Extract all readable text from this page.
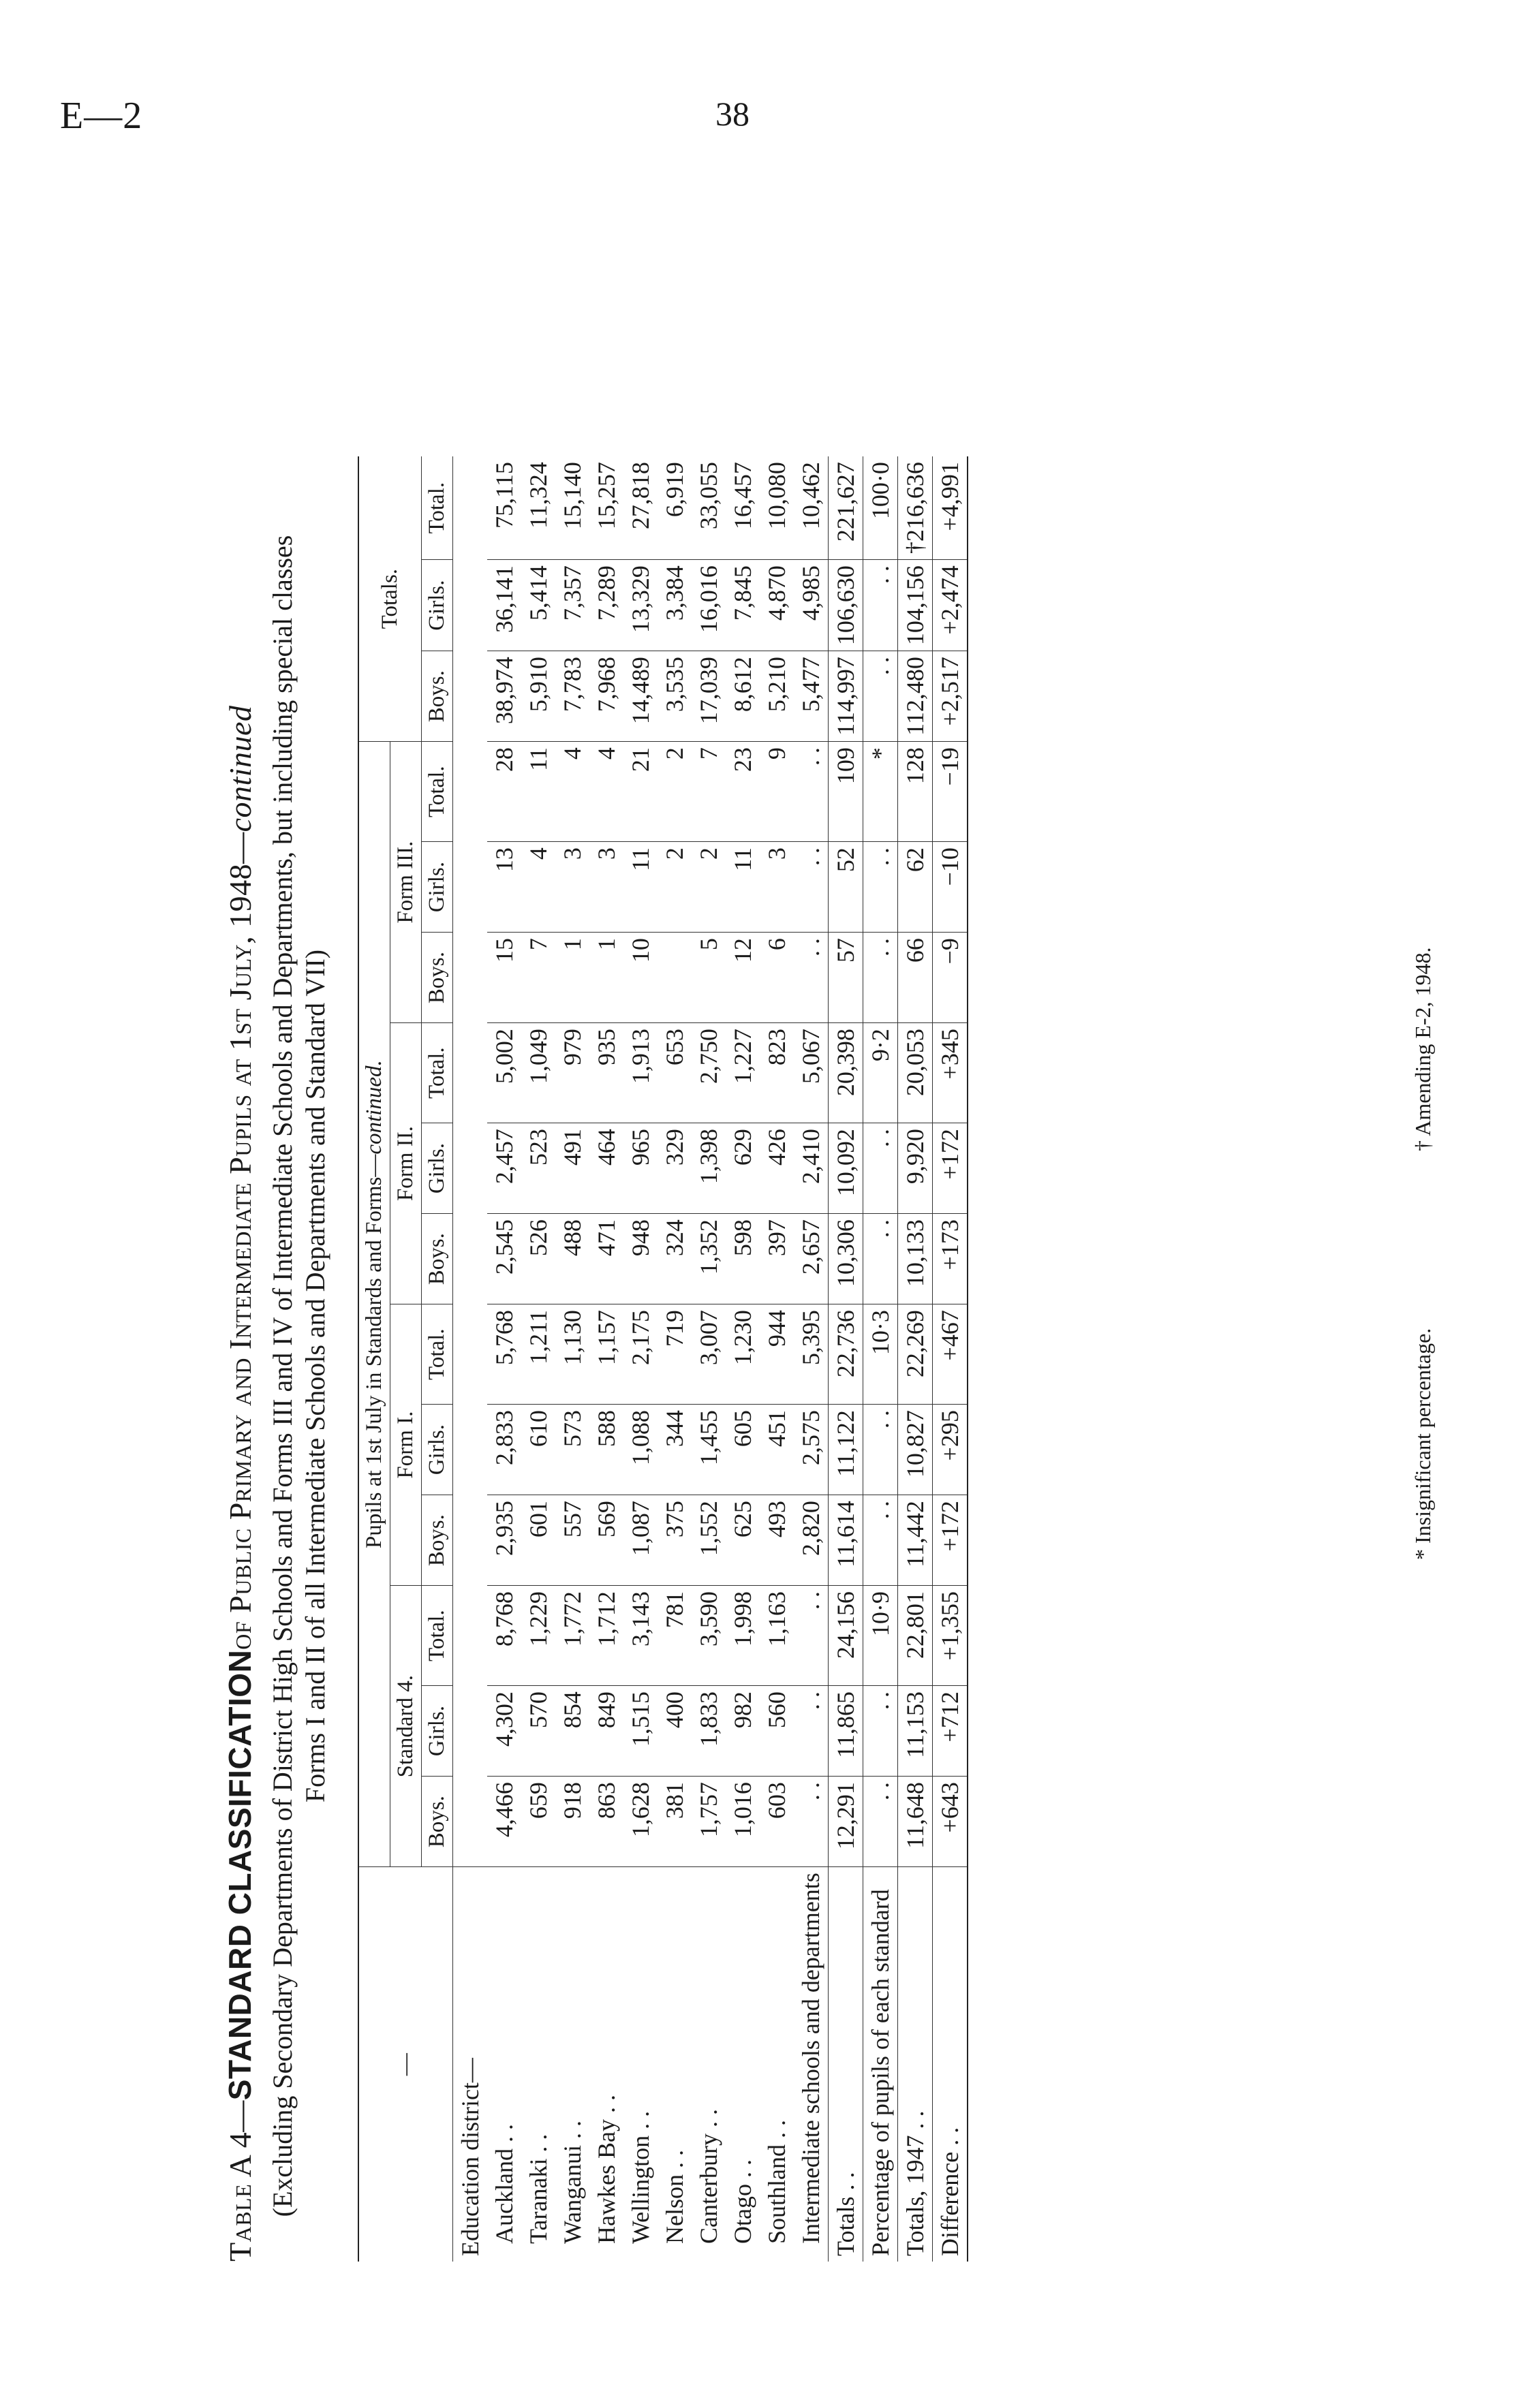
E—2	38
Table A 4—STANDARD CLASSIFICATIONof Public Primary and Intermediate Pupils at 1st July, 1948—continued (Excluding Secondary Departments of District High Schools and Forms III and IV of Intermediate Schools and Departments, but including special classes Forms I and II of all Intermediate Schools and Departments and Standard VII)
—	Pupils at 1st July in Standards and Forms—continued.												Totals.		
	Standard 4.			Form I.			Form II.			Form III.					
	Boys.	Girls.	Total.	Boys.	Girls.	Total.	Boys.	Girls.	Total.	Boys.	Girls.	Total.	Boys.	Girls.	Total.
Education district—															
Auckland . .	4,466	4,302	8,768	2,935	2,833	5,768	2,545	2,457	5,002	15	13	28	38,974	36,141	75,115
Taranaki . .	659	570	1,229	601	610	1,211	526	523	1,049	7	4	11	5,910	5,414	11,324
Wanganui . .	918	854	1,772	557	573	1,130	488	491	979	1	3	4	7,783	7,357	15,140
Hawkes Bay . .	863	849	1,712	569	588	1,157	471	464	935	1	3	4	7,968	7,289	15,257
Wellington . .	1,628	1,515	3,143	1,087	1,088	2,175	948	965	1,913	10	11	21	14,489	13,329	27,818
Nelson . .	381	400	781	375	344	719	324	329	653		2	2	3,535	3,384	6,919
Canterbury . .	1,757	1,833	3,590	1,552	1,455	3,007	1,352	1,398	2,750	5	2	7	17,039	16,016	33,055
Otago . .	1,016	982	1,998	625	605	1,230	598	629	1,227	12	11	23	8,612	7,845	16,457
Southland . .	603	560	1,163	493	451	944	397	426	823	6	3	9	5,210	4,870	10,080
Intermediate schools and departments	. .	. .	. .	2,820	2,575	5,395	2,657	2,410	5,067	. .	. .	. .	5,477	4,985	10,462
Totals . .	12,291	11,865	24,156	11,614	11,122	22,736	10,306	10,092	20,398	57	52	109	114,997	106,630	221,627
Percentage of pupils of each standard	. .	. .	10·9	. .	. .	10·3	. .	. .	9·2	. .	. .	*	. .	. .	100·0
Totals, 1947 . .	11,648	11,153	22,801	11,442	10,827	22,269	10,133	9,920	20,053	66	62	128	112,480	104,156	†216,636
Difference . .	+643	+712	+1,355	+172	+295	+467	+173	+172	+345	−9	−10	−19	+2,517	+2,474	+4,991
* Insignificant percentage.
† Amending E-2, 1948.
